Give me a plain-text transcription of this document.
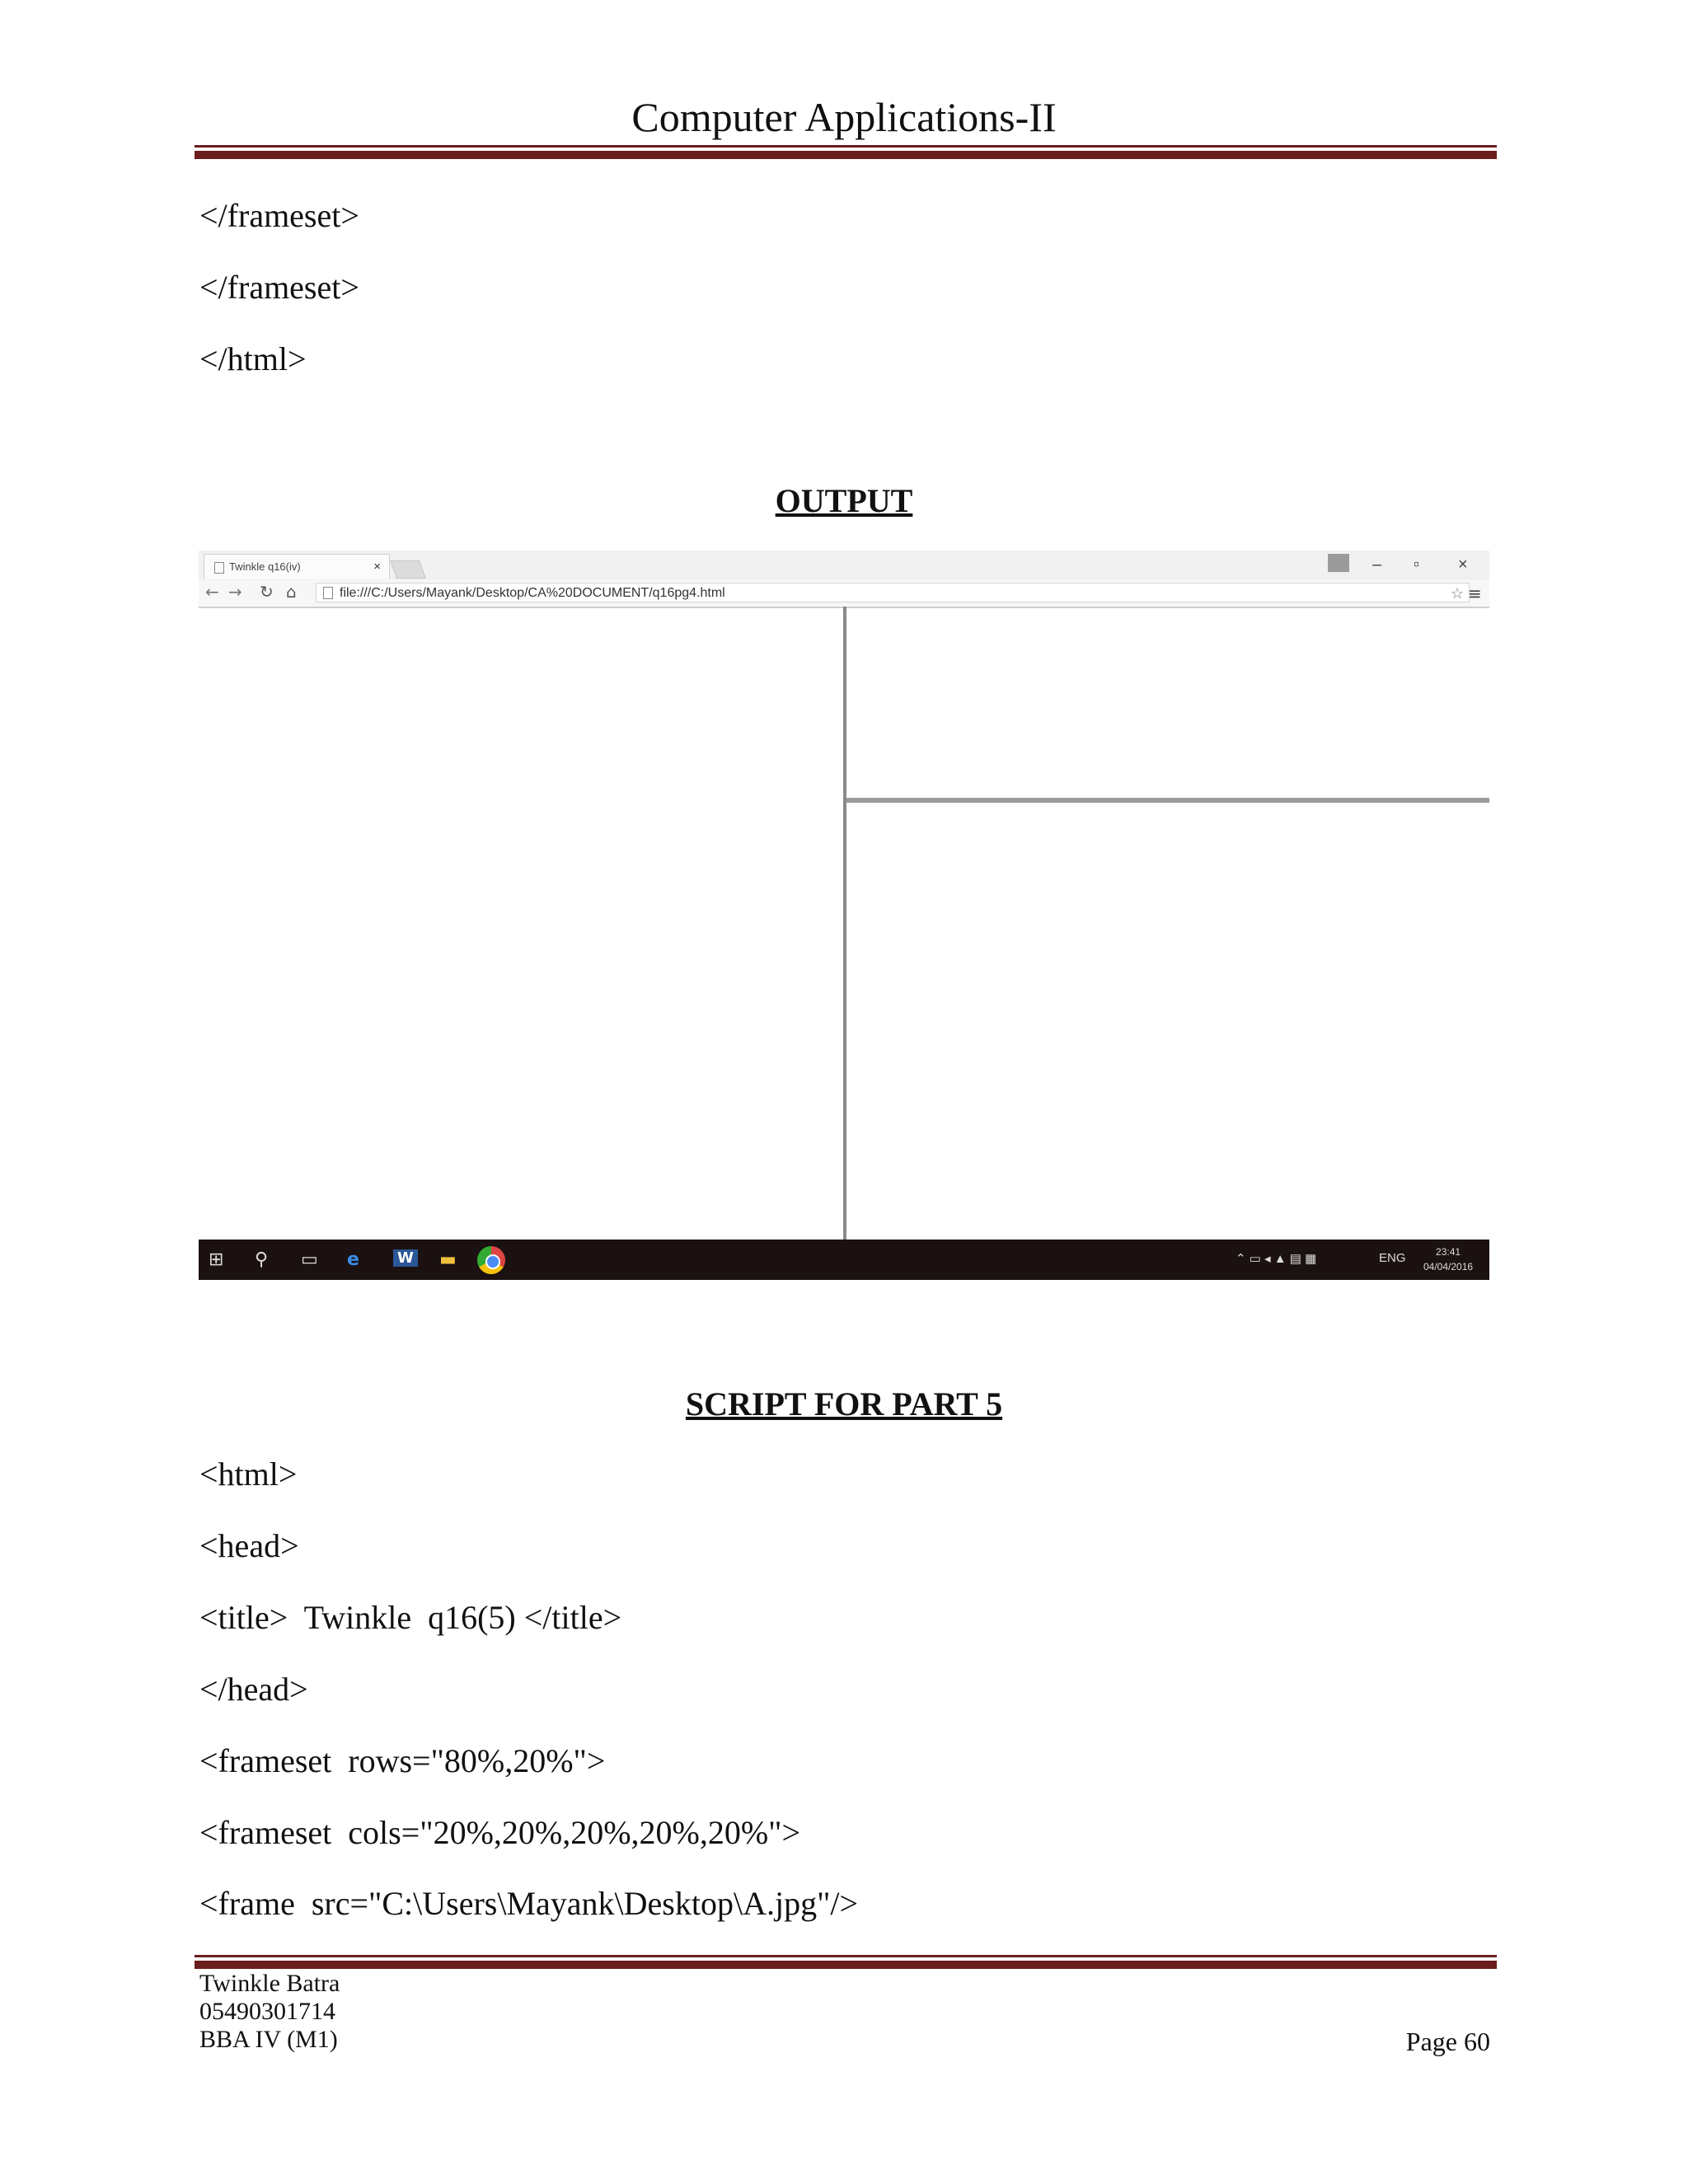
Computer Applications-II
</frameset>
</frameset>
</html>
OUTPUT
Twinkle q16(iv)	×	– ▫ ×
← → ↻ ⌂	file:///C:/Users/Mayank/Desktop/CA%20DOCUMENT/q16pg4.html	☆ ≡
⊞ ⚲ ▭ e	W ▬	⌃ ▭ ◂ ▲ ▤ ▦	ENG	23:41
04/04/2016
SCRIPT FOR PART 5
<html>
<head>
<title>  Twinkle  q16(5) </title>
</head>
<frameset  rows="80%,20%">
<frameset  cols="20%,20%,20%,20%,20%">
<frame  src="C:\Users\Mayank\Desktop\A.jpg"/>
Twinkle Batra
05490301714
BBA IV (M1)	Page 60
